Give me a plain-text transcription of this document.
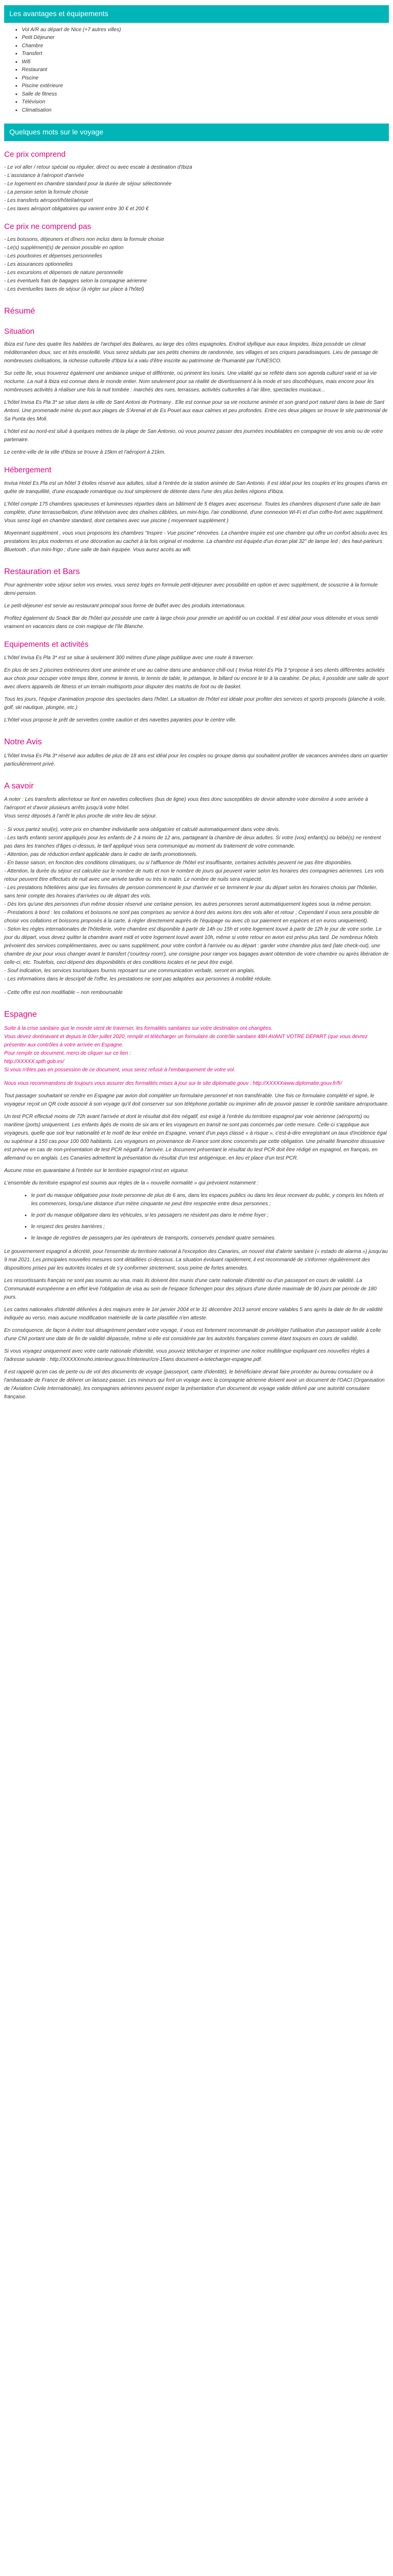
Les avantages et équipements
• Vol A/R au départ de Nice (+7 autres villes)
• Petit Déjeuner
• Chambre
• Transfert
• Wifi
• Restaurant
• Piscine
• Piscine extérieure
• Salle de fitness
• Télévision
• Climatisation
Quelques mots sur le voyage
Ce prix comprend
- Le vol aller / retour spécial ou régulier, direct ou avec escale à destination d'Ibiza
- L'assistance à l'aéroport d'arrivée
- Le logement en chambre standard pour la durée de séjour sélectionnée
- La pension selon la formule choisie
- Les transferts aéroport/hôtel/aéroport
- Les taxes aéroport obligatoires qui varient entre 30 € et 200 €
Ce prix ne comprend pas
- Les boissons, déjeuners et dîners non inclus dans la formule choisie
- Le(s) supplément(s) de pension possible en option
- Les pourboires et dépenses personnelles
- Les assurances optionnelles
- Les excursions et dépenses de nature personnelle
- Les éventuels frais de bagages selon la compagnie aérienne
- Les éventuelles taxes de séjour (à régler sur place à l'hôtel)
Résumé
Situation

Ibiza est l'une des quatre îles habitées de l'archipel des Baléares, au large des côtes espagnoles. Endroit idyllique aux eaux limpides, Ibiza possède un climat méditerranéen doux, sec et très ensoleillé. Vous serez séduits par ses petits chemins de randonnée, ses villages et ses criques paradisiaques. Lieu de passage de nombreuses civilisations, la richesse culturelle d'Ibiza lui a valu d'être inscrite au patrimoine de l'humanité par l'UNESCO.

Sur cette île, vous trouverez également une ambiance unique et différente, où priment les loisirs. Une vitalité qui se reflète dans son agenda culturel varié et sa vie nocturne. La nuit à Ibiza est connue dans le monde entier. Nom seulement pour sa réalité de divertissement à la mode et ses discothèques, mais encore pour les nombreuses activités à réaliser une fois la nuit tombée : marchés des rues, terrasses, activités culturelles à l'air libre, spectacles musicaux...

L'hôtel Invisa Es Pla 3* se situe dans la ville de Sant Antoni de Portmany . Elle est connue pour sa vie nocturne animée et son grand port naturel dans la baie de Sant Antoni. Une promenade mène du port aux plages de S'Arenal et de Es Pouet aux eaux calmes et peu profondes. Entre ces deux plages se trouve le site patrimonial de Sa Punta des Moli.

L'hôtel est au nord-est situé à quelques mètres de la plage de San Antonio, où vous pourrez passer des journées inoubliables en compagnie de vos amis ou de votre partenaire.

Le centre-ville de la ville d'Ibiza se trouve à 15km et l'aéroport à 21km.

Hébergement

Invisa Hotel Es Pla est un hôtel 3 étoiles réservé aux adultes, situé à l'entrée de la station animée de San Antonio. Il est idéal pour les couples et les groupes d'amis en quête de tranquillité, d'une escapade romantique ou tout simplement de détente dans l'une des plus belles régions d'Ibiza.

L'hôtel compte 175 chambres spacieuses et lumineuses réparties dans un bâtiment de 5 étages avec ascenseur. Toutes les chambres disposent d'une salle de bain complète, d'une terrasse/balcon, d'une télévision avec des chaînes câblées, un mini-frigo, l'air conditionné, d'une connexion Wi-Fi et d'un coffre-fort avec supplément. Vous serez logé en chambre standard, dont certaines avec vue piscine ( moyennant supplément )

Moyennant supplément , vous vous proposons les chambres "Inspire - Vue piscine" rénovées. La chambre inspire est une chambre qui offre un confort absolu avec les prestations les plus modernes et une décoration au cachet à la fois original et moderne. La chambre est équipée d'un écran plat 32" de lampe led ; des haut-parleurs Bluetooth ; d'un mini-frigo ; d'une salle de bain équipée. Vous aurez accès au wifi.

Restauration et Bars

Pour agrémenter votre séjour selon vos envies, vous serez logés en formule petit-déjeuner avec possibilité en option et avec supplément, de souscrire à la formule demi-pension.

Le petit-déjeuner est servie au restaurant principal sous forme de buffet avec des produits internationaux.

Profitez également du Snack Bar de l'hôtel qui possède une carte à large choix pour prendre un apéritif ou un cocktail. Il est idéal pour vous détendre et vous sentir vraiment en vacances dans ce coin magique de l'île Blanche.

Equipements et activités

L'hôtel Invisa Es Pla 3* est se situe à seulement 300 mètres d'une plage publique avec une route à traverser.

En plus de ses 2 piscines extérieures dont une animée et une au calme dans une ambiance chill-out ( Invisa Hotel Es Pla 3 *propose à ses clients différentes activités aux choix pour occuper votre temps libre, comme le tennis, le tennis de table, le pétanque, le billard ou encore le tir à la carabine. De plus, il possède une salle de sport avec divers appareils de fitness et un terrain multisports pour disputer des matchs de foot ou de basket.

Tous les jours, l'équipe d'animation propose des spectacles dans l'hôtel. La situation de l'hôtel est idéale pour profiter des services et sports proposés (planche à voile, golf, ski nautique, plongée, etc.)

L'hôtel vous propose le prêt de serviettes contre caution et des navettes payantes pour le centre ville.

Notre Avis

L'hôtel Invisa Es Pla 3* réservé aux adultes de plus de 18 ans est idéal pour les couples ou groupe damis qui souhaitent profiter de vacances animées dans un quartier particulièrement privé.

A savoir

A noter : Les transferts aller/retour se font en navettes collectives (bus de ligne) vous êtes donc susceptibles de devoir attendre votre dernière à votre arrivée à l'aéroport et d'avoir plusieurs arrêts jusqu'à votre hôtel.

Vous serez déposés à l'arrêt le plus proche de votre lieu de séjour.

- Si vous partez seul(e), votre prix en chambre individuelle sera obligatoire et calculé automatiquement dans votre devis.

- Les tarifs enfants seront appliqués pour les enfants de 2 à moins de 12 ans, partageant la chambre de deux adultes. Si votre (vos) enfant(s) ou bébé(s) ne rentrent pas dans les tranches d'âges ci-dessus, le tarif appliqué vous sera communiqué au moment du traitement de votre commande.

- Attention, pas de réduction enfant applicable dans le cadre de tarifs promotionnels.

- En basse saison, en fonction des conditions climatiques, ou si l'affluence de l'hôtel est insuffisante, certaines activités peuvent ne pas être disponibles.

- Attention, la durée du séjour est calculée sur le nombre de nuits et non le nombre de jours qui peuvent varier selon les horaires des compagnies aériennes. Les vols retour peuvent être effectués de nuit avec une arrivée tardive ou très le matin. Le nombre de nuits sera respecté.

- Les prestations hôtelières ainsi que les formules de pension commencent le jour d'arrivée et se terminent le jour du départ selon les horaires choisis par l'hôtelier, sans tenir compte des horaires d'arrivées ou de départ des vols.

- Dès lors qu'une des personnes d'un même dossier réservé une certaine pension, les autres personnes seront automatiquement logées sous la même pension.

- Prestations à bord : les collations et boissons ne sont pas comprises au service à bord des avions lors des vols aller et retour ; Cependant il vous sera possible de choisir vos collations et boissons proposés à la carte, à régler directement auprès de l'équipage ou avec cb sur paiement en espèces et en euros uniquement).

- Selon les règles internationales de l'hôtellerie, votre chambre est disponible à partir de 14h ou 15h et votre logement touvé à partir de 12h le jour de votre sortie. Le jour du départ, vous devez quitter la chambre avant midi et votre logement touvé avant 10h, même si votre retour en avion est prévu plus tard. De nombreux hôtels prévoient des services complémentaires, avec ou sans supplément, pour votre confort à l'arrivée ou au départ : garder votre chambre plus tard (late check-out), une chambre de jour pour vous changer avant le transfert ('courtesy room'), une consigne pour ranger vos bagages avant obtention de votre chambre ou après libération de celle-ci, etc. Toutefois, ceci dépend des disponibilités et des conditions locales et ne peut être exigé.

- Souf indication, les services touristiques fournis reposant sur une communication verbale, seront en anglais.

- Les informations dans le descriptif de l'offre, les prestations ne sont pas adaptées aux personnes à mobilité réduite.

- Cette offre est non modifiable – non remboursable

Espagne

Suite à la crise sanitaire que le monde vient de traverser, les formalités sanitaires sur votre destination ont changées.

Vous devez dorénavant et depuis le 03er juillet 2020, remplir et télécharger un formulaire de contrôle sanitaire 48H AVANT VOTRE DÉPART (que vous devrez présenter aux contrôles à votre arrivée en Espagne.

Pour remplir ce document, merci de cliquer sur ce lien :

http://XXXXX.spth.gob.es/

Si vous n'êtes pas en possession de ce document, vous serez refusé à l'embarquement de votre vol.

Nous vous recommandons de toujours vous assurer des formalités mises à jour sur le site diplomatie.gouv : http://XXXXXwww.diplomatie.gouv.fr/fr/

Tout passager souhaitant se rendre en Espagne par avion doit compléter un formulaire personnel et non transférable. Une fois ce formulaire complété et signé, le voyageur reçoit un QR code associé à son voyage qu'il doit conserver sur son téléphone portable ou imprimer afin de pouvoir passer le contrôle sanitaire aéroportuaire.

Un test PCR effectué moins de 72h avant l'arrivée et dont le résultat doit être négatif, est exigé à l'entrée du territoire espagnol par voie aérienne (aéroports) ou maritime (ports) uniquement. Les enfants âgés de moins de six ans et les voyageurs en transit ne sont pas concernés par cette mesure. Celle-ci s'applique aux voyageurs, quelle que soit leur nationalité et le motif de leur entrée en Espagne, venant d'un pays classé « à risque », c'est-à-dire enregistrant un taux d'incidence égal ou supérieur à 150 cas pour 100 000 habitants. Les voyageurs en provenance de France sont donc concernés par cette obligation. Une pénalité financière dissuasive est prévue en cas de non-présentation de test PCR négatif à l'arrivée. Le document présentant le résultat du test PCR doit être rédigé en espagnol, en français, en allemand ou en anglais. Les Canaries admettent la présentation du résultat d'un test antigénique, en lieu et place d'un test PCR.

Aucune mise en quarantaine à l'entrée sur le territoire espagnol n'est en vigueur.

L'ensemble du territoire espagnol est soumis aux règles de la « nouvelle normalité » qui prévoient notamment :

• le port du masque obligatoire pour toute personne de plus de 6 ans, dans les espaces publics ou dans les lieux recevant du public, y compris les hôtels et les commerces, lorsqu'une distance d'un mètre cinquante ne peut être respectée entre deux personnes ;
• le port du masque obligatoire dans les véhicules, si les passagers ne résident pas dans le même foyer ;
• le respect des gestes barrières ;
• le lavage de registres de passagers par les opérateurs de transports, conservés pendant quatre semaines.

Le gouvernement espagnol a décrété, pour l'ensemble du territoire national à l'exception des Canaries, un nouvel état d'alerte sanitaire (« estado de alarma ») jusqu'au 9 mai 2021. Les principales nouvelles mesures sont détaillées ci-dessous. La situation évoluant rapidement, il est recommandé de s'informer régulièrement des dispositions prises par les autorités locales et de s'y conformer strictement, sous peine de fortes amendes.

Les ressortissants français ne sont pas soumis au visa, mais ils doivent être munis d'une carte nationale d'identité ou d'un passeport en cours de validité. La Communauté européenne a en effet levé l'obligation de visa au sein de l'espace Schengen pour des séjours d'une durée maximale de 90 jours par période de 180 jours.

Les cartes nationales d'identité délivrées à des majeurs entre le 1er janvier 2004 et le 31 décembre 2013 seront encore valables 5 ans après la date de fin de validité indiquée au verso, mais aucune modification matérielle de la carte plastifiée n'en atteste.

En conséquence, de façon à éviter tout désagrément pendant votre voyage, il vous est fortement recommandé de privilégier l'utilisation d'un passeport valide à celle d'une CNI portant une date de fin de validité dépassée, même si elle est considérée par les autorités françaises comme étant toujours en cours de validité.

Si vous voyagez uniquement avec votre carte nationale d'identité, vous pouvez télécharger et imprimer une notice multilingue expliquant ces nouvelles règles à l'adresse suivante : http://XXXXXmoho.interieur.gouv.fr/interieur/cni-15ans document-a-telecharger-espagne.pdf.

Il est rappelé qu'en cas de perte ou de vol des documents de voyage (passeport, carte d'identité), le bénéficiaire devrait faire procéder au bureau consulaire ou à l'ambassade de France de délivrer un laissez-passer. Les mineurs qui font un voyage avec la compagnie aérienne doivent avoir un document de l'OACI (Organisation de l'Aviation Civile Internationale), les compagnies aériennes peuvent exiger la présentation d'un document de voyage valide délivré par une autorité consulaire française.
